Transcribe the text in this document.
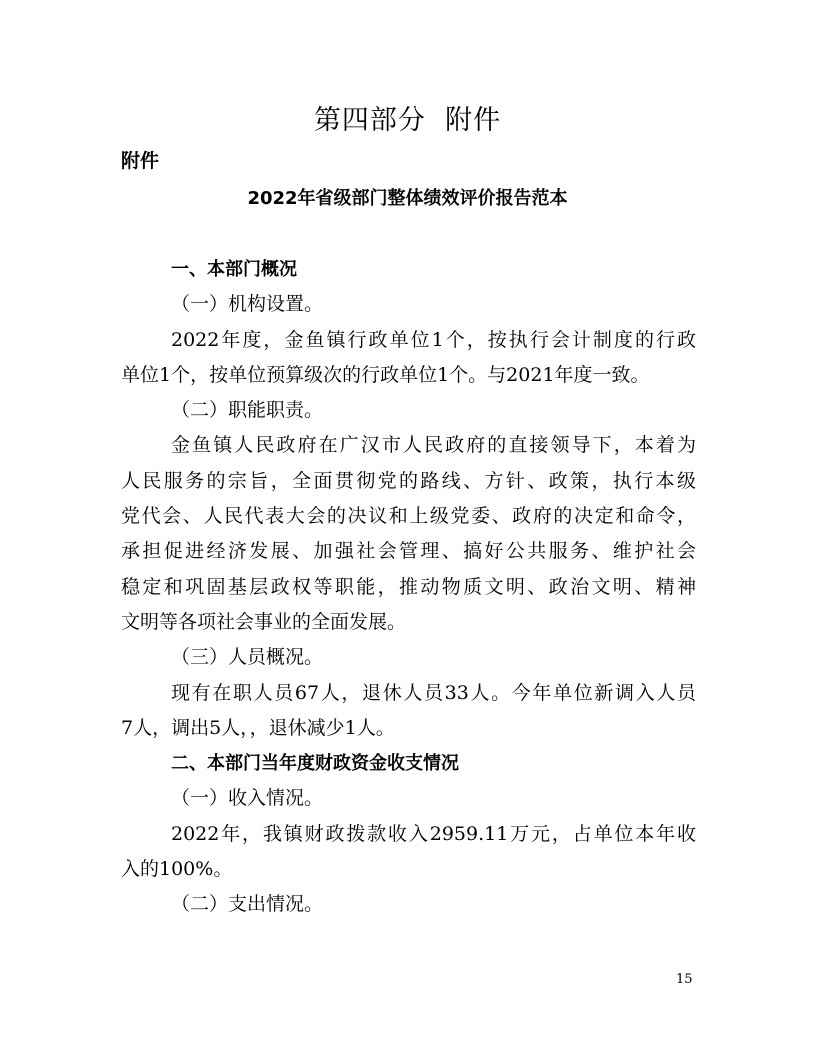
第四部分  附件
附件
2022年省级部门整体绩效评价报告范本
一、本部门概况
（一）机构设置。
2022年度，金鱼镇行政单位1个，按执行会计制度的行政
单位1个，按单位预算级次的行政单位1个。与2021年度一致。
（二）职能职责。
金鱼镇人民政府在广汉市人民政府的直接领导下，本着为
人民服务的宗旨，全面贯彻党的路线、方针、政策，执行本级
党代会、人民代表大会的决议和上级党委、政府的决定和命令，
承担促进经济发展、加强社会管理、搞好公共服务、维护社会
稳定和巩固基层政权等职能，推动物质文明、政治文明、精神
文明等各项社会事业的全面发展。
（三）人员概况。
现有在职人员67人，退休人员33人。今年单位新调入人员
7人，调出5人，，退休减少1人。
二、本部门当年度财政资金收支情况
（一）收入情况。
2022年，我镇财政拨款收入2959.11万元，占单位本年收
入的100%。
（二）支出情况。
15
